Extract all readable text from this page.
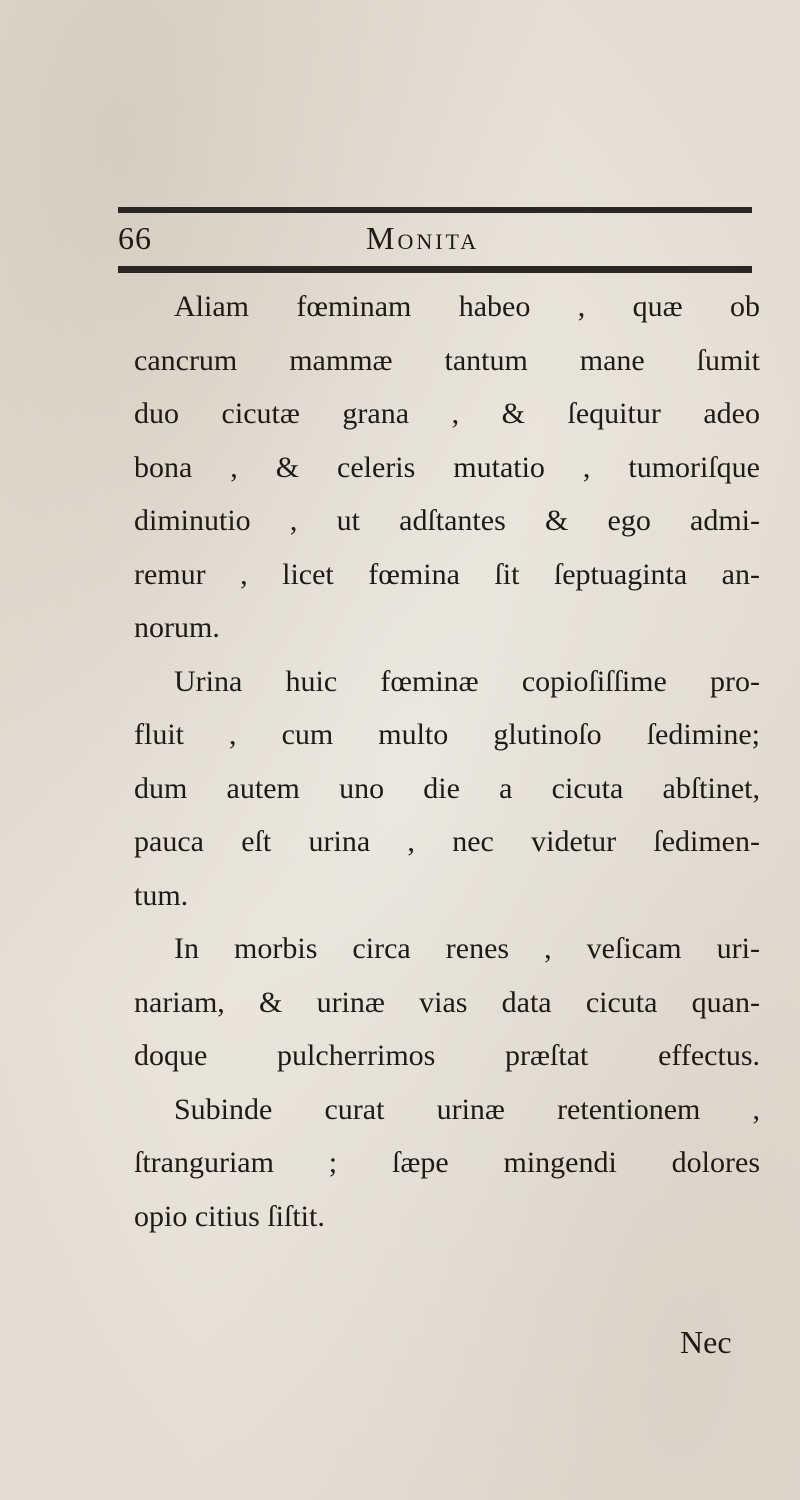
66	Monita
Aliam fœminam habeo , quæ ob
cancrum mammæ tantum mane ſumit
duo cicutæ grana , & ſequitur adeo
bona , & celeris mutatio , tumoriſque
diminutio , ut adſtantes & ego admi-
remur , licet fœmina ſit ſeptuaginta an-
norum.
Urina huic fœminæ copioſiſſime pro-
fluit , cum multo glutinoſo ſedimine;
dum autem uno die a cicuta abſtinet,
pauca eſt urina , nec videtur ſedimen-
tum.
In morbis circa renes , veſicam uri-
nariam, & urinæ vias data cicuta quan-
doque pulcherrimos præſtat effectus.
Subinde curat urinæ retentionem ,
ſtranguriam ; ſæpe mingendi dolores
opio citius ſiſtit.
Nec
